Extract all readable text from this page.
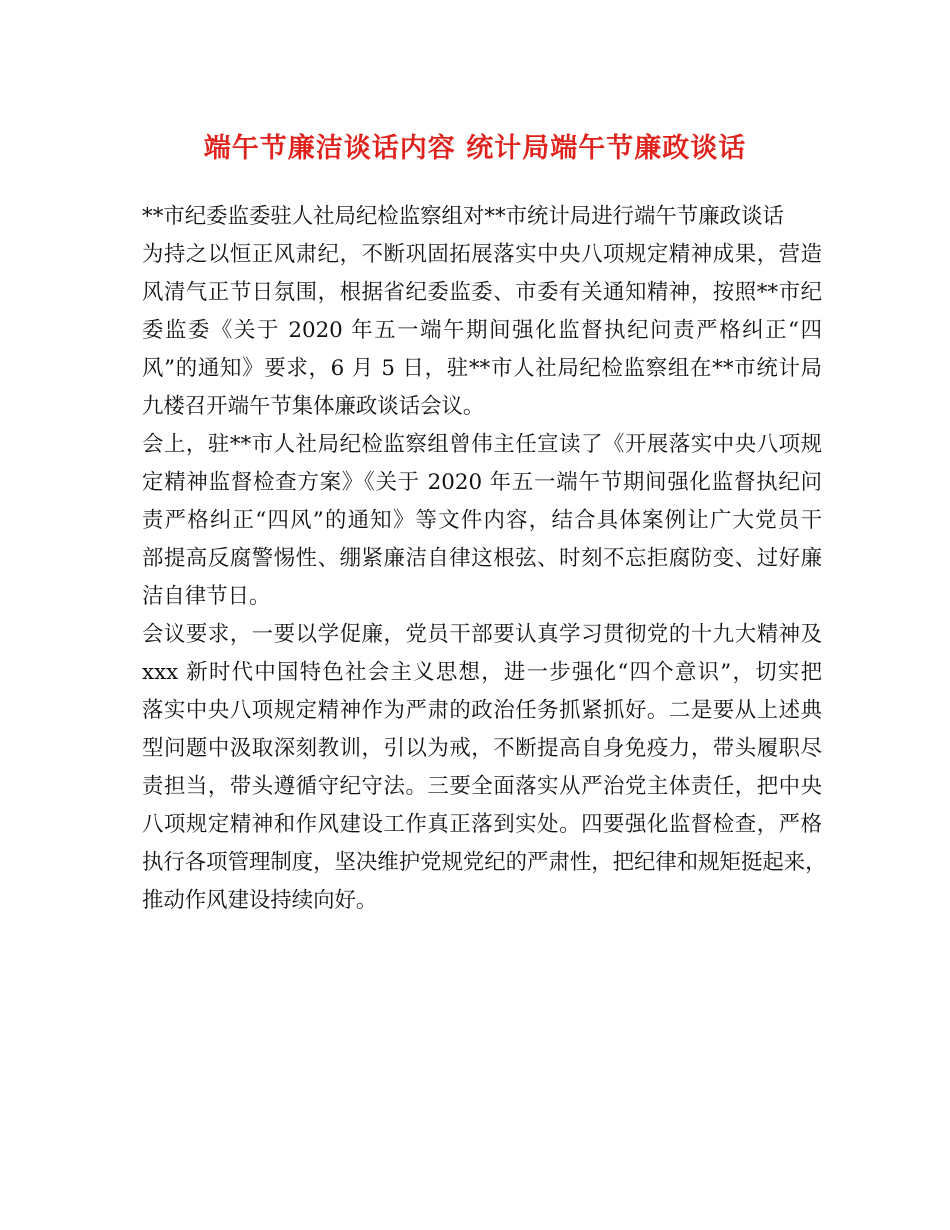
端午节廉洁谈话内容 统计局端午节廉政谈话
**市纪委监委驻人社局纪检监察组对**市统计局进行端午节廉政谈话
为持之以恒正风肃纪，不断巩固拓展落实中央八项规定精神成果，营造
风清气正节日氛围，根据省纪委监委、市委有关通知精神，按照**市纪
委监委《关于 2020 年五一端午期间强化监督执纪问责严格纠正“四
风”的通知》要求，6 月 5 日，驻**市人社局纪检监察组在**市统计局
九楼召开端午节集体廉政谈话会议。
会上，驻**市人社局纪检监察组曾伟主任宣读了《开展落实中央八项规
定精神监督检查方案》《关于 2020 年五一端午节期间强化监督执纪问
责严格纠正“四风”的通知》等文件内容，结合具体案例让广大党员干
部提高反腐警惕性、绷紧廉洁自律这根弦、时刻不忘拒腐防变、过好廉
洁自律节日。
会议要求，一要以学促廉，党员干部要认真学习贯彻党的十九大精神及
xxx 新时代中国特色社会主义思想，进一步强化“四个意识”，切实把
落实中央八项规定精神作为严肃的政治任务抓紧抓好。二是要从上述典
型问题中汲取深刻教训，引以为戒，不断提高自身免疫力，带头履职尽
责担当，带头遵循守纪守法。三要全面落实从严治党主体责任，把中央
八项规定精神和作风建设工作真正落到实处。四要强化监督检查，严格
执行各项管理制度，坚决维护党规党纪的严肃性，把纪律和规矩挺起来，
推动作风建设持续向好。
